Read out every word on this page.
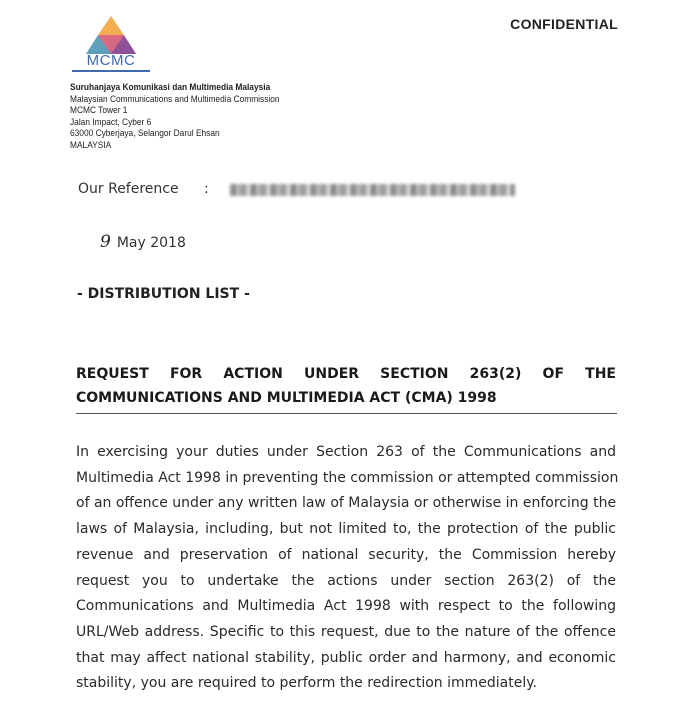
CONFIDENTIAL
MCMC
Suruhanjaya Komunikasi dan Multimedia Malaysia
Malaysian Communications and Multimedia Commission
MCMC Tower 1
Jalan Impact, Cyber 6
63000 Cyberjaya, Selangor Darul Ehsan
MALAYSIA
Our Reference :
9 May 2018
- DISTRIBUTION LIST -
REQUEST FOR ACTION UNDER SECTION 263(2) OF THE
COMMUNICATIONS AND MULTIMEDIA ACT (CMA) 1998
In exercising your duties under Section 263 of the Communications and
Multimedia Act 1998 in preventing the commission or attempted commission
of an offence under any written law of Malaysia or otherwise in enforcing the
laws of Malaysia, including, but not limited to, the protection of the public
revenue and preservation of national security, the Commission hereby
request you to undertake the actions under section 263(2) of the
Communications and Multimedia Act 1998 with respect to the following
URL/Web address. Specific to this request, due to the nature of the offence
that may affect national stability, public order and harmony, and economic
stability, you are required to perform the redirection immediately.
